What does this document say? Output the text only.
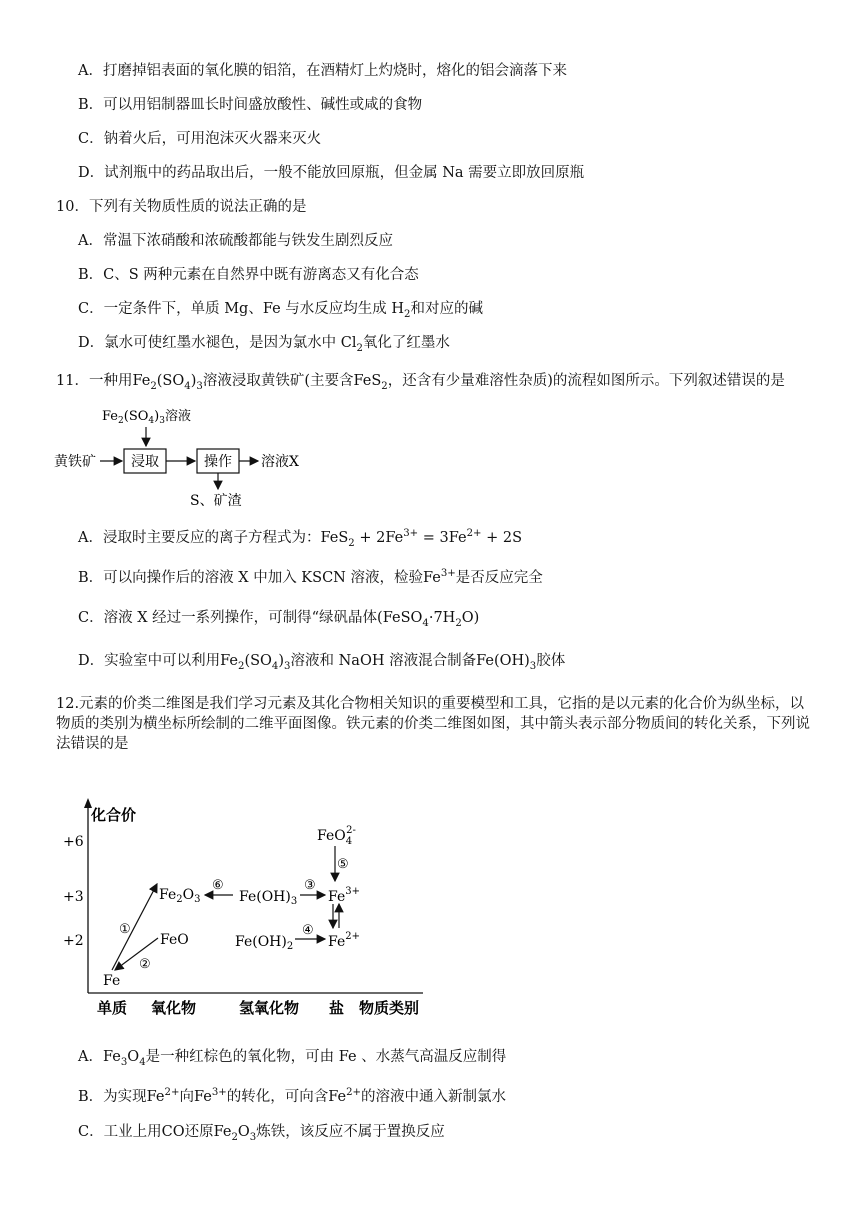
A．打磨掉铝表面的氧化膜的铝箔，在酒精灯上灼烧时，熔化的铝会滴落下来
B．可以用铝制器皿长时间盛放酸性、碱性或咸的食物
C．钠着火后，可用泡沫灭火器来灭火
D．试剂瓶中的药品取出后，一般不能放回原瓶，但金属 Na 需要立即放回原瓶
10．下列有关物质性质的说法正确的是
A．常温下浓硝酸和浓硫酸都能与铁发生剧烈反应
B．C、S 两种元素在自然界中既有游离态又有化合态
C．一定条件下，单质 Mg、Fe 与水反应均生成 $H_2$和对应的碱
D．氯水可使红墨水褪色，是因为氯水中 $Cl_2$氧化了红墨水
11．一种用$Fe_2(SO_4)_3$溶液浸取黄铁矿(主要含FeS$_2$，还含有少量难溶性杂质)的流程如图所示。下列叙述错误的是
$Fe_2(SO_4)_3$溶液
黄铁矿	浸取	操作 溶液X
S、矿渣
A．浸取时主要反应的离子方程式为：$FeS_2 + 2Fe^{3+} = 3Fe^{2+} + 2S$
B．可以向操作后的溶液 X 中加入 KSCN 溶液，检验$Fe^{3+}$是否反应完全
C．溶液 X 经过一系列操作，可制得“绿矾晶体$(FeSO_4\cdot 7H_2O)$
D．实验室中可以利用$Fe_2(SO_4)_3$溶液和 NaOH 溶液混合制备$Fe(OH)_3$胶体
12.元素的价类二维图是我们学习元素及其化合物相关知识的重要模型和工具，它指的是以元素的化合价为纵坐标，以物质的类别为横坐标所绘制的二维平面图像。铁元素的价类二维图如图，其中箭头表示部分物质间的转化关系，下列说法错误的是
化合价
+6
+3
+2
单质 氧化物	氢氧化物 盐 物质类别
Fe
$Fe_2O_3$
FeO
$Fe(OH)_3$
$Fe(OH)_2$
$Fe^{3+}$
$Fe^{2+}$
FeO$_4$2-
①
②
⑥	③
④
⑤
A．$Fe_3O_4$是一种红棕色的氧化物，可由 Fe 、水蒸气高温反应制得
B．为实现$Fe^{2+}$向$Fe^{3+}$的转化，可向含$Fe^{2+}$的溶液中通入新制氯水
C．工业上用CO还原$Fe_2O_3$炼铁，该反应不属于置换反应
